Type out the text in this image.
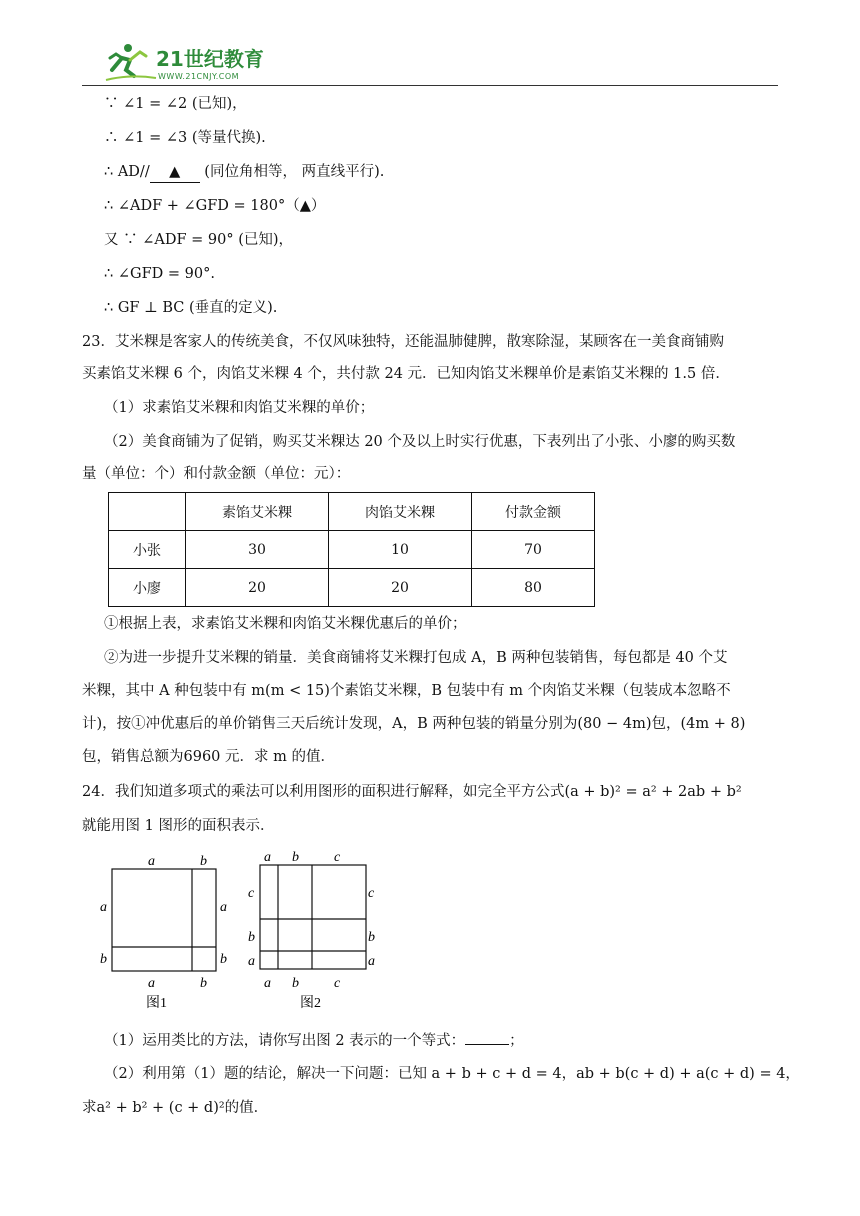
21世纪教育
WWW.21CNJY.COM
∵ ∠1 = ∠2 (已知)，
∴ ∠1 = ∠3 (等量代换).
∴ AD// ▲ (同位角相等， 两直线平行).
∴ ∠ADF + ∠GFD = 180°（▲）
又 ∵ ∠ADF = 90° (已知)，
∴ ∠GFD = 90°.
∴ GF ⊥ BC (垂直的定义).
23．艾米粿是客家人的传统美食，不仅风味独特，还能温肺健脾，散寒除湿，某顾客在一美食商铺购
买素馅艾米粿 6 个，肉馅艾米粿 4 个，共付款 24 元．已知肉馅艾米粿单价是素馅艾米粿的 1.5 倍．
（1）求素馅艾米粿和肉馅艾米粿的单价；
（2）美食商铺为了促销，购买艾米粿达 20 个及以上时实行优惠，下表列出了小张、小廖的购买数
量（单位：个）和付款金额（单位：元）：
	素馅艾米粿	肉馅艾米粿	付款金额
小张	30	10	70
小廖	20	20	80
①根据上表，求素馅艾米粿和肉馅艾米粿优惠后的单价；
②为进一步提升艾米粿的销量．美食商铺将艾米粿打包成 A，B 两种包装销售，每包都是 40 个艾
米粿，其中 A 种包装中有 m(m < 15)个素馅艾米粿，B 包装中有 m 个肉馅艾米粿（包装成本忽略不
计)，按①冲优惠后的单价销售三天后统计发现，A，B 两种包装的销量分别为(80 − 4m)包，(4m + 8)
包，销售总额为6960 元．求 m 的值．
24．我们知道多项式的乘法可以利用图形的面积进行解释，如完全平方公式(a + b)² = a² + 2ab + b²
就能用图 1 图形的面积表示．
a	b
a
b
a
b
a	b
图1
a b	c
c
b
a
c
b
a
a b	c
图2
（1）运用类比的方法，请你写出图 2 表示的一个等式：	；
（2）利用第（1）题的结论，解决一下问题：已知 a + b + c + d = 4，ab + b(c + d) + a(c + d) = 4，
求a² + b² + (c + d)²的值．
